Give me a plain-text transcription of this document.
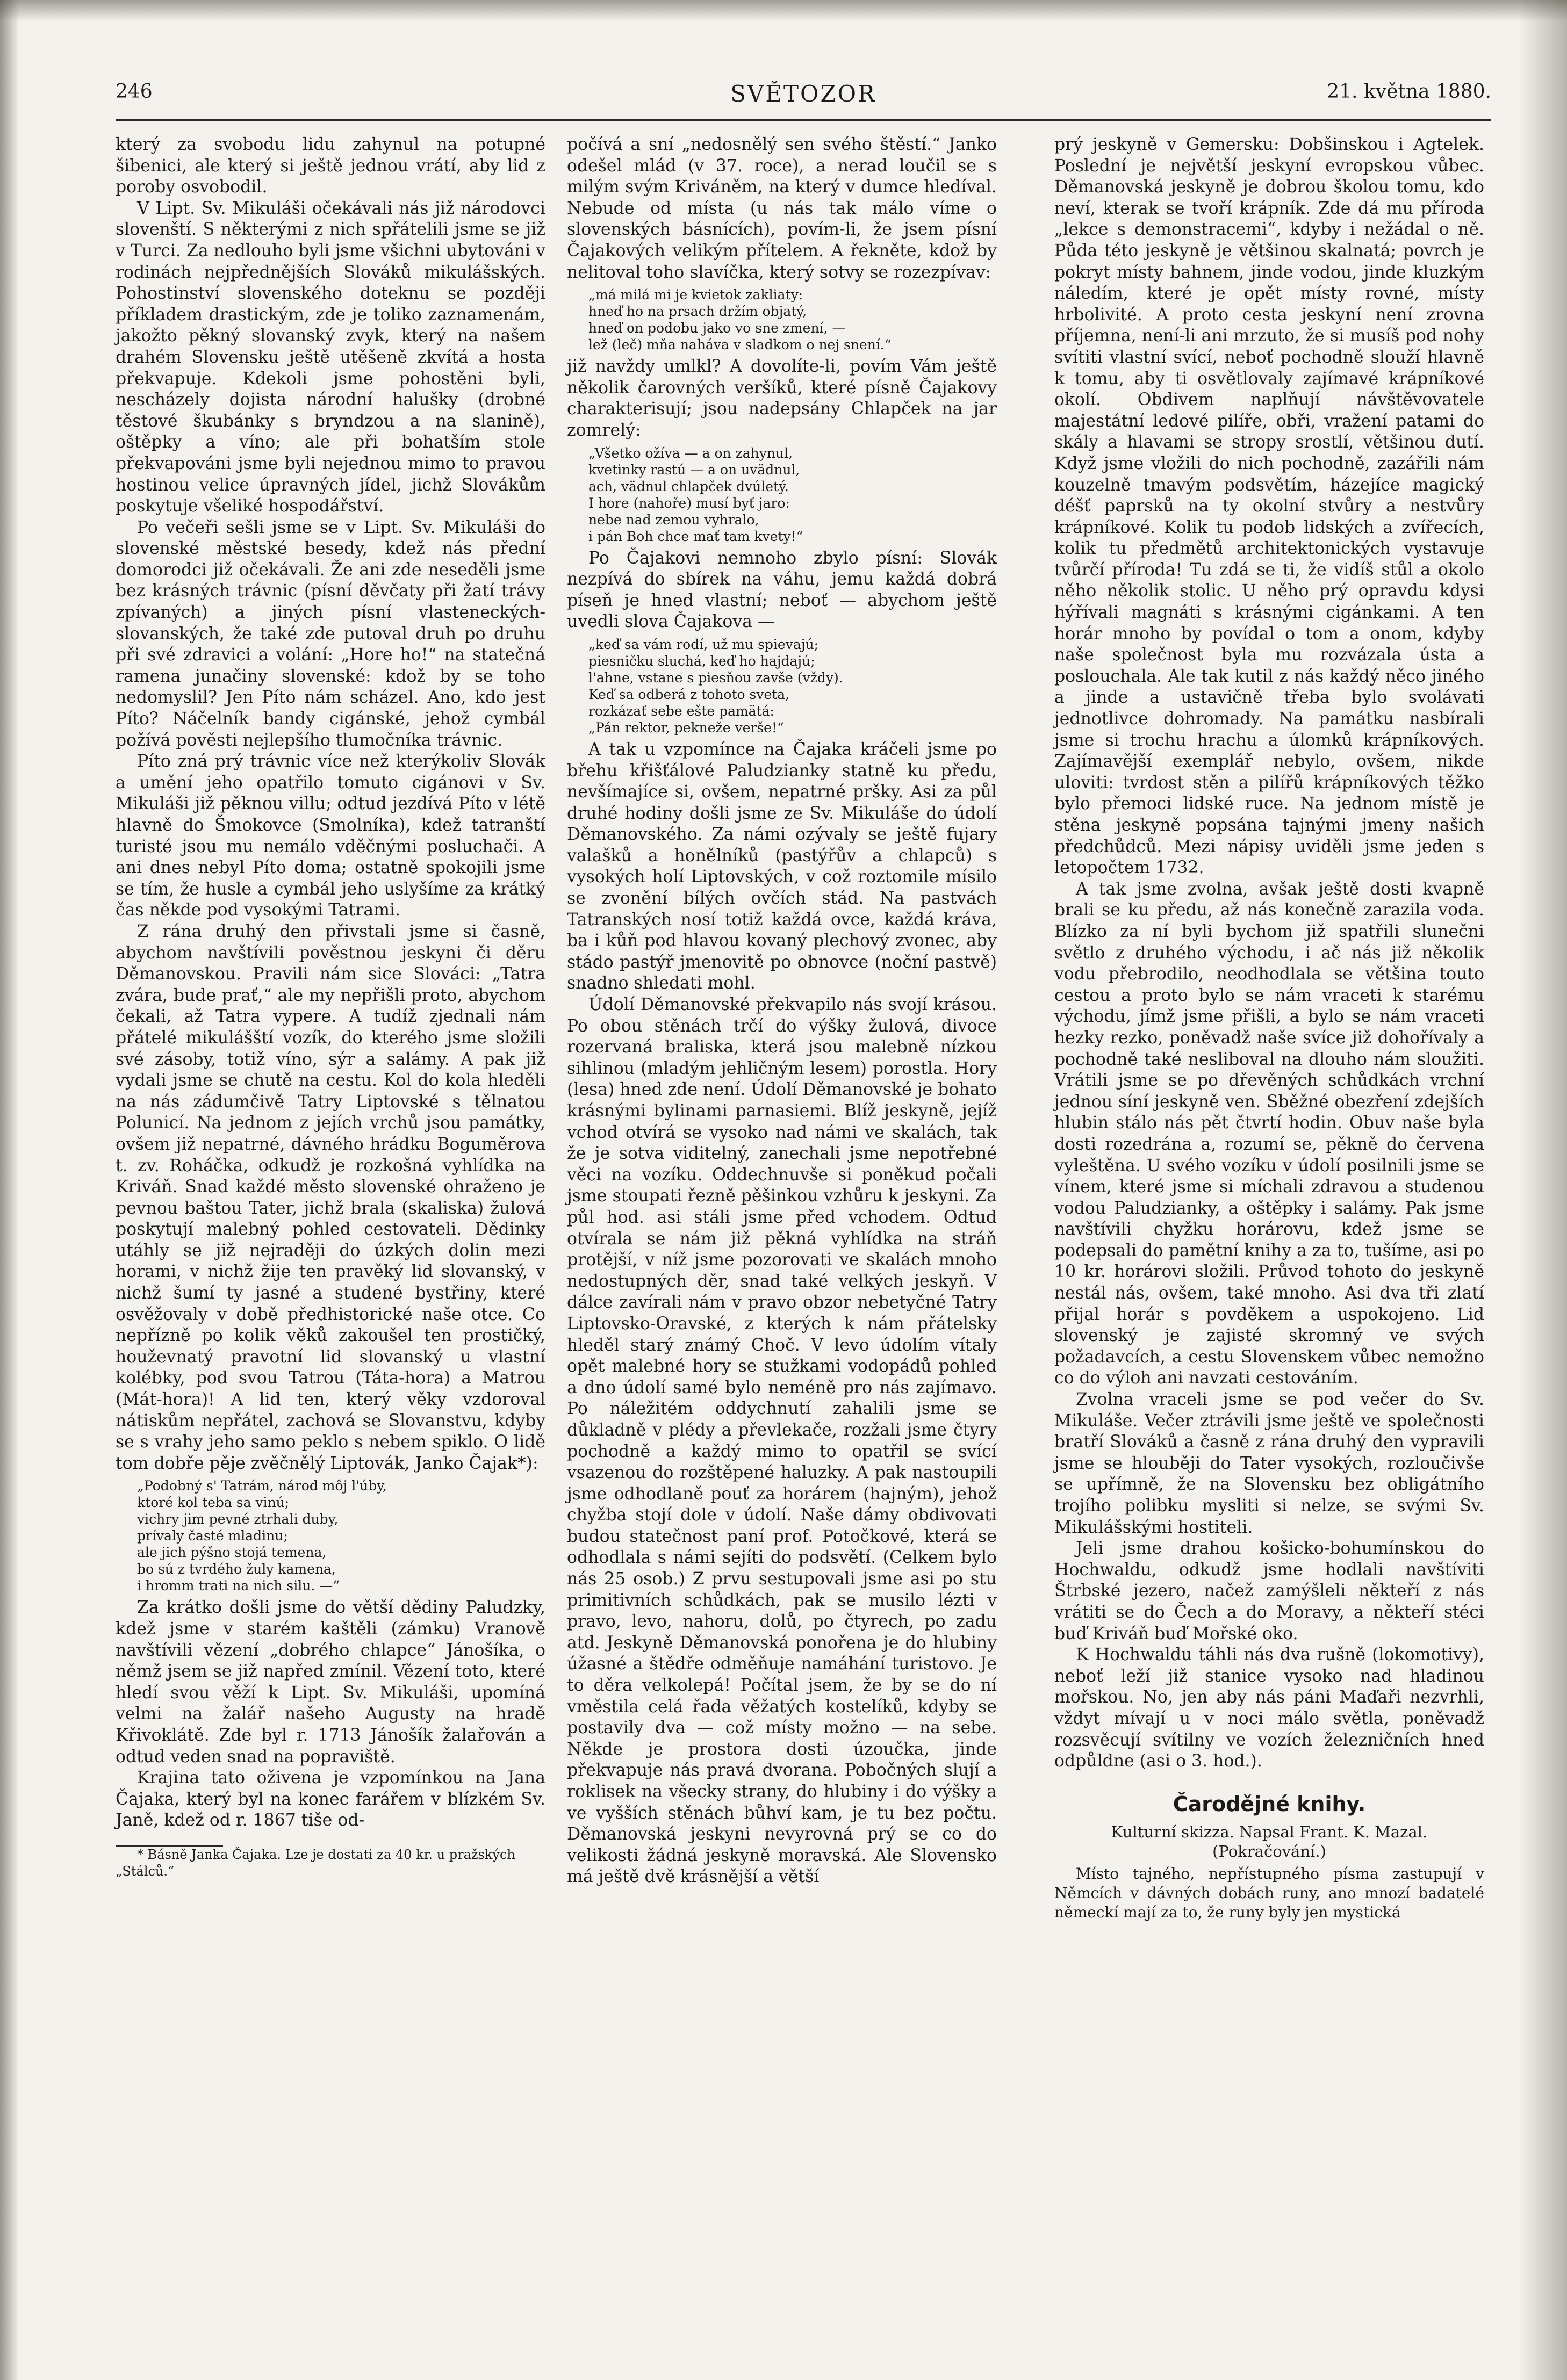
246	SVĚTOZOR	21. května 1880.

který za svobodu lidu zahynul na potupné šibenici, ale který si ještě jednou vrátí, aby lid z poroby osvobodil.

V Lipt. Sv. Mikuláši očekávali nás již národovci slovenští. S některými z nich spřátelili jsme se již v Turci. Za nedlouho byli jsme všichni ubytováni v rodinách nejpřednějších Slováků mikulášských. Pohostinství slovenského doteknu se později příkladem drastickým, zde je toliko zaznamenám, jakožto pěkný slovanský zvyk, který na našem drahém Slovensku ještě utěšeně zkvítá a hosta překvapuje. Kdekoli jsme pohostěni byli, nescházely dojista národní halušky (drobné těstové škubánky s bryndzou a na slanině), oštěpky a víno; ale při bohatším stole překvapováni jsme byli nejednou mimo to pravou hostinou velice úpravných jídel, jichž Slovákům poskytuje všeliké hospodářství.

Po večeři sešli jsme se v Lipt. Sv. Mikuláši do slovenské městské besedy, kdež nás přední domorodci již očekávali. Že ani zde neseděli jsme bez krásných trávnic (písní děvčaty při žatí trávy zpívaných) a jiných písní vlasteneckých-slovanských, že také zde putoval druh po druhu při své zdravici a volání: „Hore ho!“ na statečná ramena junačiny slovenské: kdož by se toho nedomyslil? Jen Píto nám scházel. Ano, kdo jest Píto? Náčelník bandy cigánské, jehož cymbál požívá pověsti nejlepšího tlumočníka trávnic.

Píto zná prý trávnic více než kterýkoliv Slovák a umění jeho opatřilo tomuto cigánovi v Sv. Mikuláši již pěknou villu; odtud jezdívá Píto v létě hlavně do Šmokovce (Smolníka), kdež tatranští turisté jsou mu nemálo vděčnými posluchači. A ani dnes nebyl Píto doma; ostatně spokojili jsme se tím, že husle a cymbál jeho uslyšíme za krátký čas někde pod vysokými Tatrami.

Z rána druhý den přivstali jsme si časně, abychom navštívili pověstnou jeskyni či děru Děmanovskou. Pravili nám sice Slováci: „Tatra zvára, bude prať,“ ale my nepřišli proto, abychom čekali, až Tatra vypere. A tudíž zjednali nám přátelé mikulášští vozík, do kterého jsme složili své zásoby, totiž víno, sýr a salámy. A pak již vydali jsme se chutě na cestu. Kol do kola hleděli na nás zádumčivě Tatry Liptovské s tělnatou Polunicí. Na jednom z jejích vrchů jsou památky, ovšem již nepatrné, dávného hrádku Boguměrova t. zv. Roháčka, odkudž je rozkošná vyhlídka na Kriváň. Snad každé město slovenské ohraženo je pevnou baštou Tater, jichž brala (skaliska) žulová poskytují malebný pohled cestovateli. Dědinky utáhly se již nejraději do úzkých dolin mezi horami, v nichž žije ten pravěký lid slovanský, v nichž šumí ty jasné a studené bystřiny, které osvěžovaly v době předhistorické naše otce. Co nepřízně po kolik věků zakoušel ten prostičký, houževnatý pravotní lid slovanský u vlastní kolébky, pod svou Tatrou (Táta-hora) a Matrou (Mát-hora)! A lid ten, který věky vzdoroval nátiskům nepřátel, zachová se Slovanstvu, kdyby se s vrahy jeho samo peklo s nebem spiklo. O lidě tom dobře pěje zvěčnělý Liptovák, Janko Čajak*):

„Podobný s' Tatrám, národ môj l'úby,
ktoré kol teba sa vinú;
vichry jim pevné ztrhali duby,
prívaly časté mladinu;
ale jich pýšno stojá temena,
bo sú z tvrdého žuly kamena,
i hromm trati na nich silu. —“

Za krátko došli jsme do větší dědiny Paludzky, kdež jsme v starém kaštěli (zámku) Vranově navštívili vězení „dobrého chlapce“ Jánošíka, o němž jsem se již napřed zmínil. Vězení toto, které hledí svou věží k Lipt. Sv. Mikuláši, upomíná velmi na žalář našeho Augusty na hradě Křivoklátě. Zde byl r. 1713 Jánošík žalařován a odtud veden snad na popraviště.

Krajina tato oživena je vzpomínkou na Jana Čajaka, který byl na konec farářem v blízkém Sv. Janě, kdež od r. 1867 tiše od-

* Básně Janka Čajaka. Lze je dostati za 40 kr. u pražských „Stálců.“

počívá a sní „nedosnělý sen svého štěstí.“ Janko odešel mlád (v 37. roce), a nerad loučil se s milým svým Kriváněm, na který v dumce hledíval. Nebude od místa (u nás tak málo víme o slovenských básnících), povím-li, že jsem písní Čajakových velikým přítelem. A řekněte, kdož by nelitoval toho slavíčka, který sotvy se rozezpívav:

„má milá mi je kvietok zakliaty:
hneď ho na prsach držím objatý,
hneď on podobu jako vo sne zmení, —
lež (leč) mňa naháva v sladkom o nej snení.“

již navždy umlkl? A dovolíte-li, povím Vám ještě několik čarovných veršíků, které písně Čajakovy charakterisují; jsou nadepsány Chlapček na jar zomrelý:

„Všetko ožíva — a on zahynul,
kvetinky rastú — a on uvädnul,
ach, vädnul chlapček dvúletý.
I hore (nahoře) musí byť jaro:
nebe nad zemou vyhralo,
i pán Boh chce mať tam kvety!“

Po Čajakovi nemnoho zbylo písní: Slovák nezpívá do sbírek na váhu, jemu každá dobrá píseň je hned vlastní; neboť — abychom ještě uvedli slova Čajakova —

„keď sa vám rodí, už mu spievajú;
piesničku sluchá, keď ho hajdajú;
l'ahne, vstane s piesňou zavše (vždy).
Keď sa odberá z tohoto sveta,
rozkázať sebe ešte pamätá:
„Pán rektor, pekneže verše!“

A tak u vzpomínce na Čajaka kráčeli jsme po břehu křišťálové Paludzianky statně ku předu, nevšímajíce si, ovšem, nepatrné pršky. Asi za půl druhé hodiny došli jsme ze Sv. Mikuláše do údolí Děmanovského. Za námi ozývaly se ještě fujary valašků a honělníků (pastýřův a chlapců) s vysokých holí Liptovských, v což roztomile mísilo se zvonění bílých ovčích stád. Na pastvách Tatranských nosí totiž každá ovce, každá kráva, ba i kůň pod hlavou kovaný plechový zvonec, aby stádo pastýř jmenovitě po obnovce (noční pastvě) snadno shledati mohl.

Údolí Děmanovské překvapilo nás svojí krásou. Po obou stěnách trčí do výšky žulová, divoce rozervaná braliska, která jsou malebně nízkou sihlinou (mladým jehličným lesem) porostla. Hory (lesa) hned zde není. Údolí Děmanovské je bohato krásnými bylinami parnasiemi. Blíž jeskyně, jejíž vchod otvírá se vysoko nad námi ve skalách, tak že je sotva viditelný, zanechali jsme nepotřebné věci na vozíku. Oddechnuvše si poněkud počali jsme stoupati řezně pěšinkou vzhůru k jeskyni. Za půl hod. asi stáli jsme před vchodem. Odtud otvírala se nám již pěkná vyhlídka na stráň protější, v níž jsme pozorovati ve skalách mnoho nedostupných děr, snad také velkých jeskyň. V dálce zavírali nám v pravo obzor nebetyčné Tatry Liptovsko-Oravské, z kterých k nám přátelsky hleděl starý známý Choč. V levo údolím vítaly opět malebné hory se stužkami vodopádů pohled a dno údolí samé bylo neméně pro nás zajímavo. Po náležitém oddychnutí zahalili jsme se důkladně v plédy a převlekače, rozžali jsme čtyry pochodně a každý mimo to opatřil se svící vsazenou do rozštěpené haluzky. A pak nastoupili jsme odhodlaně pouť za horárem (hajným), jehož chyžba stojí dole v údolí. Naše dámy obdivovati budou statečnost paní prof. Potočkové, která se odhodlala s námi sejíti do podsvětí. (Celkem bylo nás 25 osob.) Z prvu sestupovali jsme asi po stu primitivních schůdkách, pak se musilo lézti v pravo, levo, nahoru, dolů, po čtyrech, po zadu atd. Jeskyně Děmanovská ponořena je do hlubiny úžasné a štědře odměňuje namáhání turistovo. Je to děra velkolepá! Počítal jsem, že by se do ní vměstila celá řada věžatých kostelíků, kdyby se postavily dva — což místy možno — na sebe. Někde je prostora dosti úzoučka, jinde překvapuje nás pravá dvorana. Pobočných slují a roklisek na všecky strany, do hlubiny i do výšky a ve vyšších stěnách bůhví kam, je tu bez počtu. Děmanovská jeskyni nevyrovná prý se co do velikosti žádná jeskyně moravská. Ale Slovensko má ještě dvě krásnější a větší

prý jeskyně v Gemersku: Dobšinskou i Agtelek. Poslední je největší jeskyní evropskou vůbec. Děmanovská jeskyně je dobrou školou tomu, kdo neví, kterak se tvoří krápník. Zde dá mu příroda „lekce s demonstracemi“, kdyby i nežádal o ně. Půda této jeskyně je většinou skalnatá; povrch je pokryt místy bahnem, jinde vodou, jinde kluzkým náledím, které je opět místy rovné, místy hrbolivité. A proto cesta jeskyní není zrovna příjemna, není-li ani mrzuto, že si musíš pod nohy svítiti vlastní svící, neboť pochodně slouží hlavně k tomu, aby ti osvětlovaly zajímavé krápníkové okolí. Obdivem naplňují návštěvovatele majestátní ledové pilíře, obři, vražení patami do skály a hlavami se stropy srostlí, většinou dutí. Když jsme vložili do nich pochodně, zazářili nám kouzelně tmavým podsvětím, házejíce magický déšť paprsků na ty okolní stvůry a nestvůry krápníkové. Kolik tu podob lidských a zvířecích, kolik tu předmětů architektonických vystavuje tvůrčí příroda! Tu zdá se ti, že vidíš stůl a okolo něho několik stolic. U něho prý opravdu kdysi hýřívali magnáti s krásnými cigánkami. A ten horár mnoho by povídal o tom a onom, kdyby naše společnost byla mu rozvázala ústa a poslouchala. Ale tak kutil z nás každý něco jiného a jinde a ustavičně třeba bylo svolávati jednotlivce dohromady. Na památku nasbírali jsme si trochu hrachu a úlomků krápníkových. Zajímavější exemplář nebylo, ovšem, nikde uloviti: tvrdost stěn a pilířů krápníkových těžko bylo přemoci lidské ruce. Na jednom místě je stěna jeskyně popsána tajnými jmeny našich předchůdců. Mezi nápisy uviděli jsme jeden s letopočtem 1732.

A tak jsme zvolna, avšak ještě dosti kvapně brali se ku předu, až nás konečně zarazila voda. Blízko za ní byli bychom již spatřili slunečni světlo z druhého východu, i ač nás již několik vodu přebrodilo, neodhodlala se většina touto cestou a proto bylo se nám vraceti k starému východu, jímž jsme přišli, a bylo se nám vraceti hezky rezko, poněvadž naše svíce již dohořívaly a pochodně také nesliboval na dlouho nám sloužiti. Vrátili jsme se po dřevěných schůdkách vrchní jednou síní jeskyně ven. Sběžné obezření zdejších hlubin stálo nás pět čtvrtí hodin. Obuv naše byla dosti rozedrána a, rozumí se, pěkně do červena vyleštěna. U svého vozíku v údolí posilnili jsme se vínem, které jsme si míchali zdravou a studenou vodou Paludzianky, a oštěpky i salámy. Pak jsme navštívili chyžku horárovu, kdež jsme se podepsali do pamětní knihy a za to, tušíme, asi po 10 kr. horárovi složili. Průvod tohoto do jeskyně nestál nás, ovšem, také mnoho. Asi dva tři zlatí přijal horár s povděkem a uspokojeno. Lid slovenský je zajisté skromný ve svých požadavcích, a cestu Slovenskem vůbec nemožno co do výloh ani navzati cestováním.

Zvolna vraceli jsme se pod večer do Sv. Mikuláše. Večer ztrávili jsme ještě ve společnosti bratří Slováků a časně z rána druhý den vypravili jsme se hlouběji do Tater vysokých, rozloučivše se upřímně, že na Slovensku bez obligátního trojího polibku mysliti si nelze, se svými Sv. Mikulášskými hostiteli.

Jeli jsme drahou košicko-bohumínskou do Hochwaldu, odkudž jsme hodlali navštíviti Štrbské jezero, načež zamýšleli někteří z nás vrátiti se do Čech a do Moravy, a někteří stéci buď Kriváň buď Mořské oko.

K Hochwaldu táhli nás dva rušně (lokomotivy), neboť leží již stanice vysoko nad hladinou mořskou. No, jen aby nás páni Maďaři nezvrhli, vždyt mívají u v noci málo světla, poněvadž rozsvěcují svítilny ve vozích železničních hned odpůldne (asi o 3. hod.).

Čarodějné knihy.
Kulturní skizza. Napsal Frant. K. Mazal.
(Pokračování.)

Místo tajného, nepřístupného písma zastupují v Němcích v dávných dobách runy, ano mnozí badatelé německí mají za to, že runy byly jen mystická
